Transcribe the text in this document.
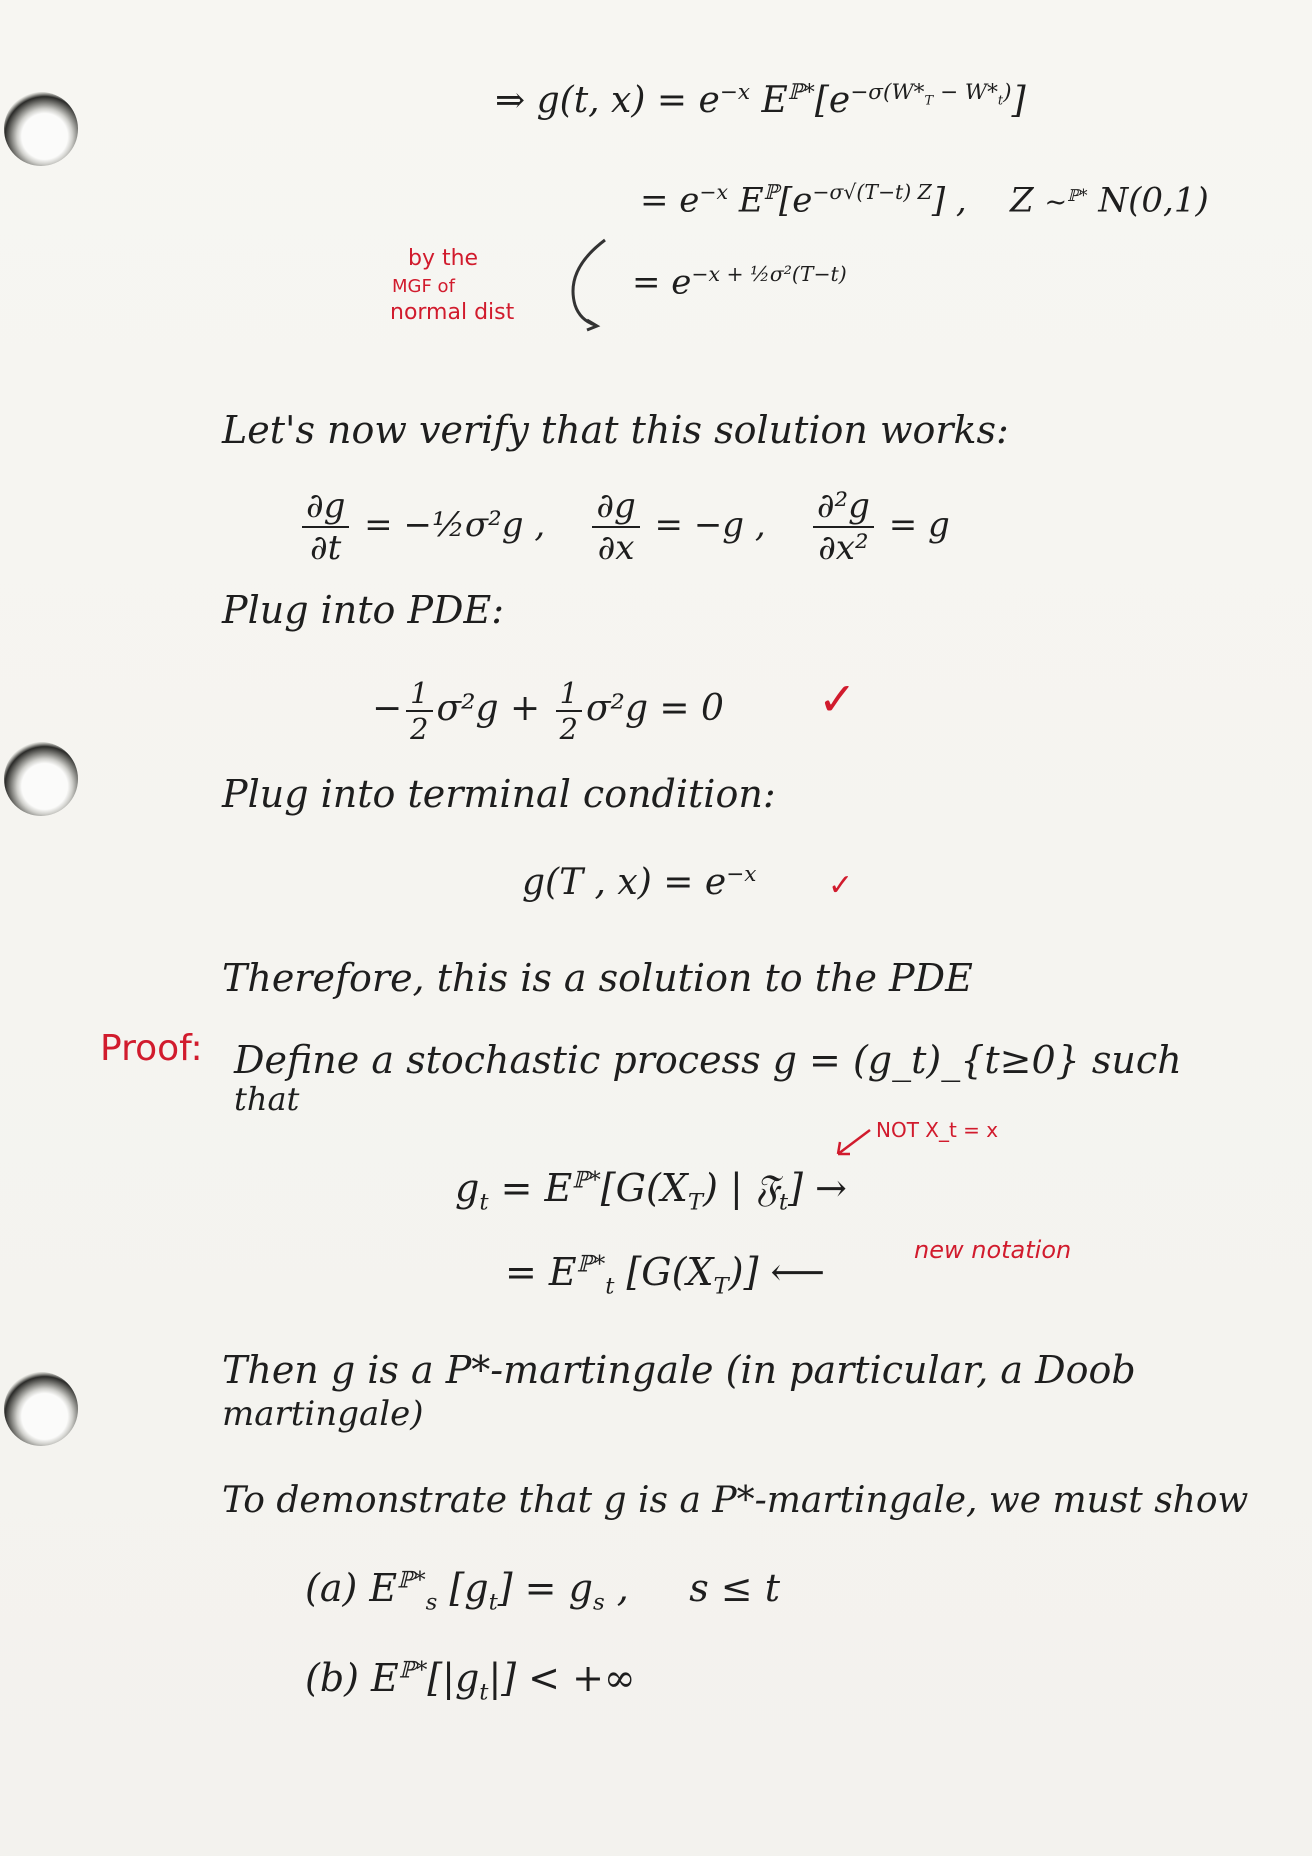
⇒ g(t, $x) = e^{-x}$ $E^{ℙ*}[e^{-\sigma(W*_T - W*_t)}]$
= $e^{-x}$ $E^ℙ[e^{-\sigma√(T-t) Z}]$ ,    Z ~$^{ℙ*}$ N(0,1)
= $e^{-x + \frac{1}{2}\sigma^2(T-t)}$
by the
MGF of
normal dist
Let's now verify that this solution works:
$\frac{\partial g}{\partial t}$ = −½σ²g , $\frac{\partial g}{\partial x} = -g$ , $\frac{\text{∂²g}}{\text{∂x²}} = g$
Plug into PDE:
− $\frac{1}{2} \sigma^2g + \frac{1}{2} \sigma^2g = 0$ ✓
Plug into terminal condition:
g(T , $x) = e^{-x}$ ✓
Therefore, this is a solution to the PDE
Proof: Define a stochastic process g = (g_t)_{t≥0} such
that
NOT X_t = x
$g_t = E^{ℙ*}[G(X_T)$ | 𝔉$_t$] →
= $E^{ℙ*}_t$ $[G(X_T)]$ ⟵	new notation
Then g is a P*-martingale (in particular, a Doob
martingale)
To demonstrate that g is a P*-martingale, we must show
(a) $E^{ℙ*}_s$ $[g_t] = g_s$ ,     s ≤ t
(b) $E^{ℙ*}[|g_t|]$ < +∞
